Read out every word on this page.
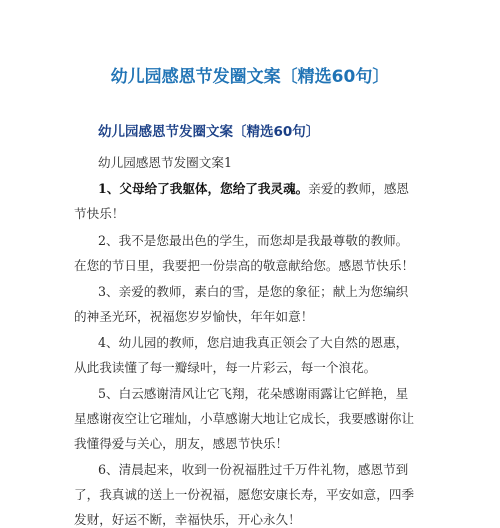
幼儿园感恩节发圈文案〔精选60句〕
幼儿园感恩节发圈文案〔精选60句〕
幼儿园感恩节发圈文案1
1、父母给了我躯体，您给了我灵魂。亲爱的教师，感恩
节快乐！
2、我不是您最出色的学生，而您却是我最尊敬的教师。
在您的节日里，我要把一份崇高的敬意献给您。感恩节快乐！
3、亲爱的教师，素白的雪，是您的象征；献上为您编织
的神圣光环，祝福您岁岁愉快，年年如意！
4、幼儿园的教师，您启迪我真正领会了大自然的恩惠，
从此我读懂了每一瓣绿叶，每一片彩云，每一个浪花。
5、白云感谢清风让它飞翔，花朵感谢雨露让它鲜艳，星
星感谢夜空让它璀灿，小草感谢大地让它成长，我要感谢你让
我懂得爱与关心，朋友，感恩节快乐！
6、清晨起来，收到一份祝福胜过千万件礼物，感恩节到
了，我真诚的送上一份祝福，愿您安康长寿，平安如意，四季
发财，好运不断，幸福快乐，开心永久！
